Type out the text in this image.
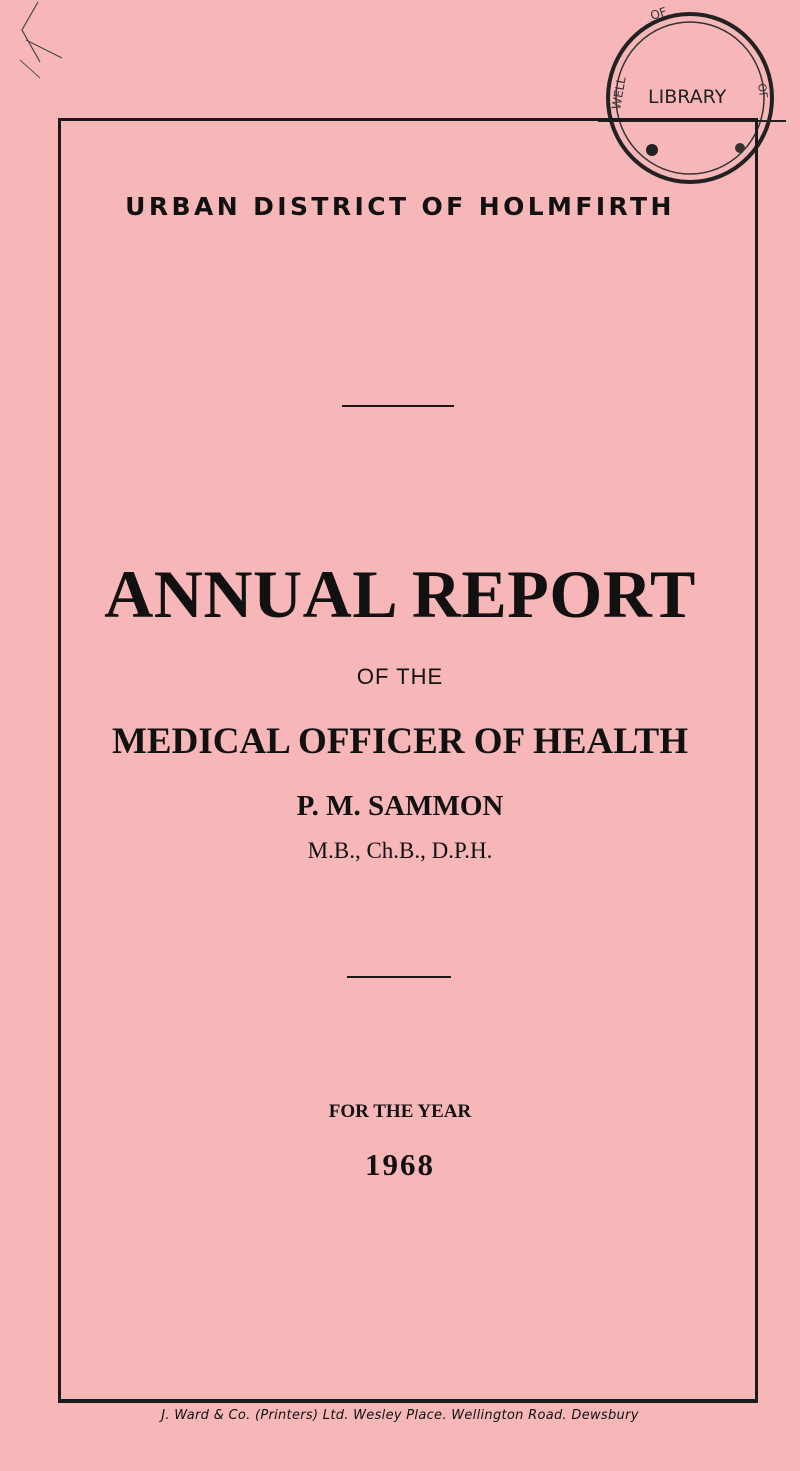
OF
WELL	OF
LIBRARY
URBAN DISTRICT OF HOLMFIRTH
ANNUAL REPORT
OF THE
MEDICAL OFFICER OF HEALTH
P. M. SAMMON
M.B., Ch.B., D.P.H.
FOR THE YEAR
1968
J. Ward & Co. (Printers) Ltd. Wesley Place. Wellington Road. Dewsbury
